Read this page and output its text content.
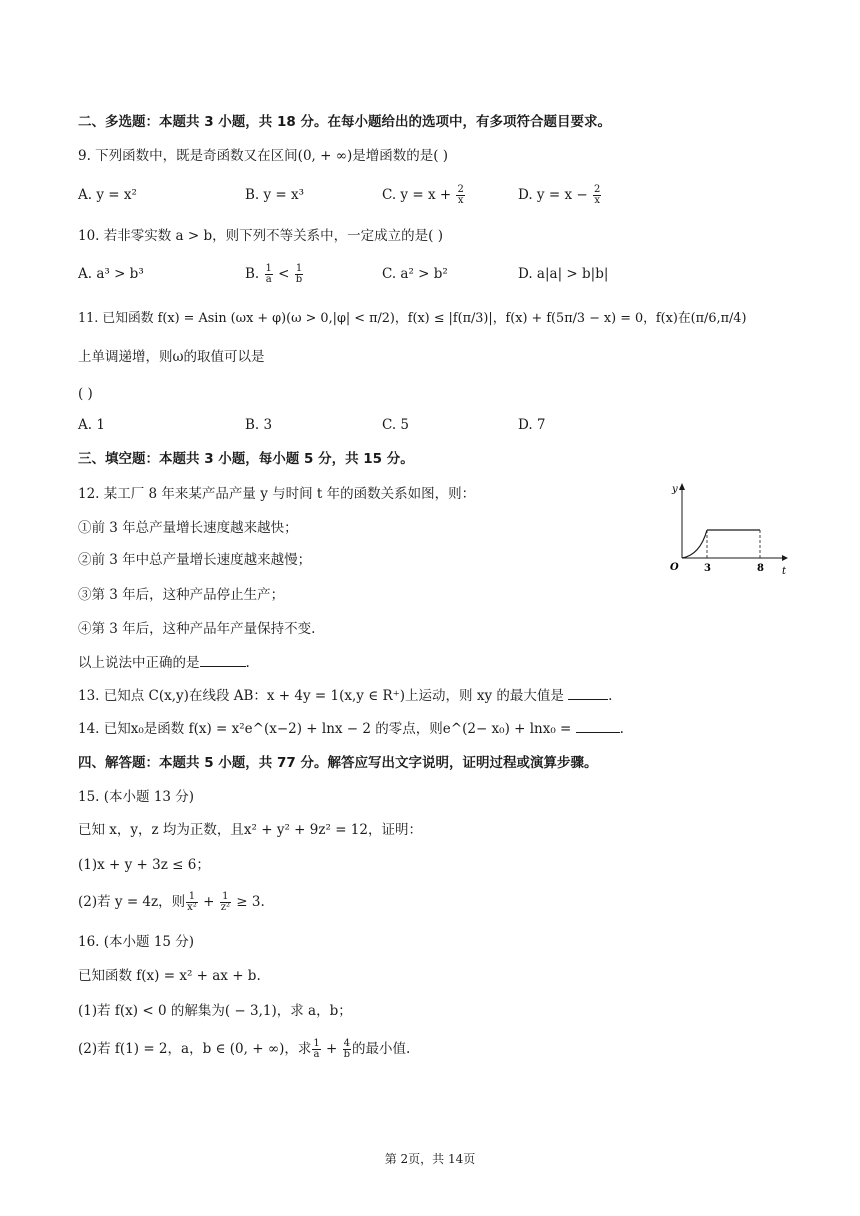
二、多选题：本题共 3 小题，共 18 分。在每小题给出的选项中，有多项符合题目要求。
9. 下列函数中，既是奇函数又在区间(0, + ∞)是增函数的是( )
A. y = x²	B. y = x³	C. $y = x + \frac{2}{x}$	D. $y = x - \frac{2}{x}$
10. 若非零实数 a > b，则下列不等关系中，一定成立的是( )
A. a³ > b³	B. $\frac{1}{a} < \frac{1}{b}$	C. a² > b²	D. a|a| > b|b|
11. 已知函数 f(x) = Asin (ωx + φ)(ω > 0,|φ| < π/2)，f(x) ≤ |f(π/3)|，f(x) + f(5π/3 − x) = 0，f(x)在(π/6,π/4)
上单调递增，则ω的取值可以是
( )
A. 1	B. 3	C. 5	D. 7
三、填空题：本题共 3 小题，每小题 5 分，共 15 分。
12. 某工厂 8 年来某产品产量 y 与时间 t 年的函数关系如图，则：
①前 3 年总产量增长速度越来越快；
②前 3 年中总产量增长速度越来越慢；
③第 3 年后，这种产品停止生产；
④第 3 年后，这种产品年产量保持不变.
以上说法中正确的是	.
y
t
O	3	8
13. 已知点 C(x,y)在线段 AB：x + 4y = 1(x,y ∈ R⁺)上运动，则 xy 的最大值是	.
14. 已知x₀是函数 f(x) = x²e^(x−2) + lnx − 2 的零点，则e^(2− x₀) + lnx₀ =	.
四、解答题：本题共 5 小题，共 77 分。解答应写出文字说明，证明过程或演算步骤。
15. (本小题 13 分)
已知 x，y，z 均为正数，且x² + y² + 9z² = 12，证明：
(1)x + y + 3z ≤ 6；
(2)若 y = 4z，则 $\frac{1}{\text{x²}} + \frac{1}{\text{z²}} \ge 3$.
16. (本小题 15 分)
已知函数 f(x) = x² + ax + b.
(1)若 f(x) < 0 的解集为( − 3,1)，求 a，b；
(2)若 f(1) = 2，a，b ∈ (0, + ∞)，求 $\frac{1}{a} + \frac{4}{b}$ 的最小值.
第 2页，共 14页
